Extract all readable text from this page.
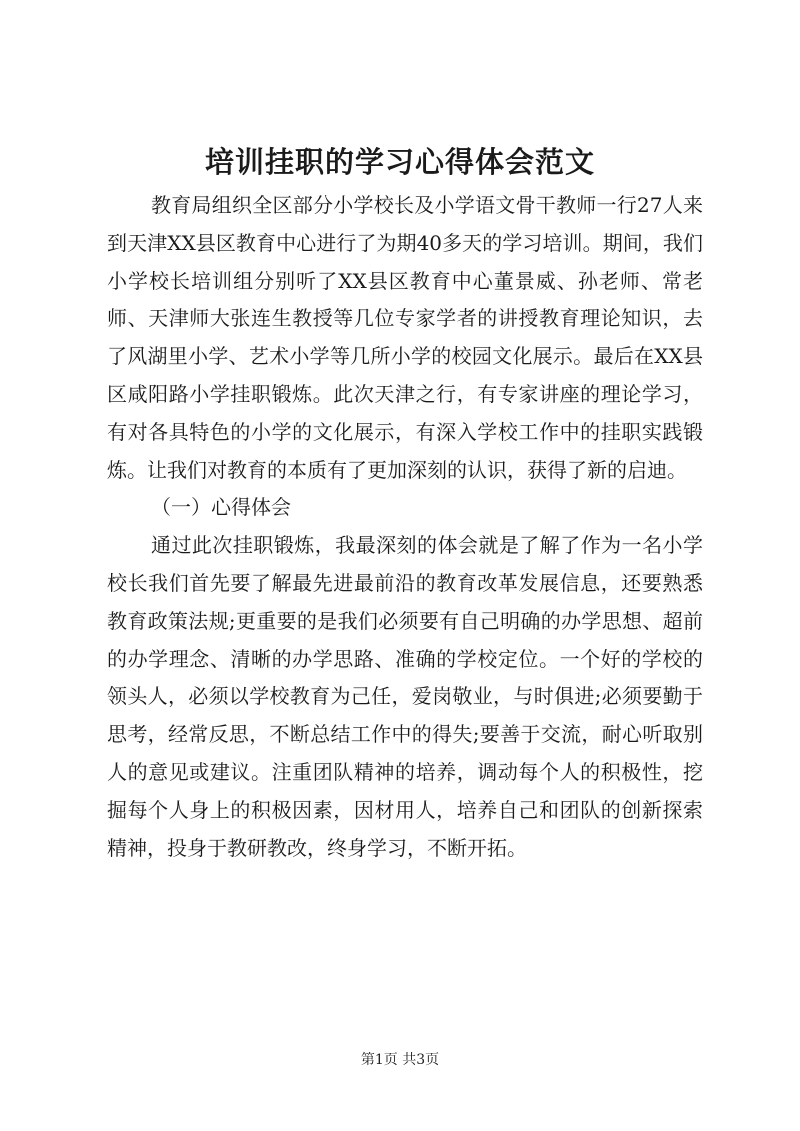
培训挂职的学习心得体会范文

教育局组织全区部分小学校长及小学语文骨干教师一行27人来到天津XX县区教育中心进行了为期40多天的学习培训。期间，我们小学校长培训组分别听了XX县区教育中心董景威、孙老师、常老师、天津师大张连生教授等几位专家学者的讲授教育理论知识，去了风湖里小学、艺术小学等几所小学的校园文化展示。最后在XX县区咸阳路小学挂职锻炼。此次天津之行，有专家讲座的理论学习，有对各具特色的小学的文化展示，有深入学校工作中的挂职实践锻炼。让我们对教育的本质有了更加深刻的认识，获得了新的启迪。

（一）心得体会

通过此次挂职锻炼，我最深刻的体会就是了解了作为一名小学校长我们首先要了解最先进最前沿的教育改革发展信息，还要熟悉教育政策法规;更重要的是我们必须要有自己明确的办学思想、超前的办学理念、清晰的办学思路、准确的学校定位。一个好的学校的领头人，必须以学校教育为己任，爱岗敬业，与时俱进;必须要勤于思考，经常反思，不断总结工作中的得失;要善于交流，耐心听取别人的意见或建议。注重团队精神的培养，调动每个人的积极性，挖掘每个人身上的积极因素，因材用人，培养自己和团队的创新探索精神，投身于教研教改，终身学习，不断开拓。

第1页 共3页
